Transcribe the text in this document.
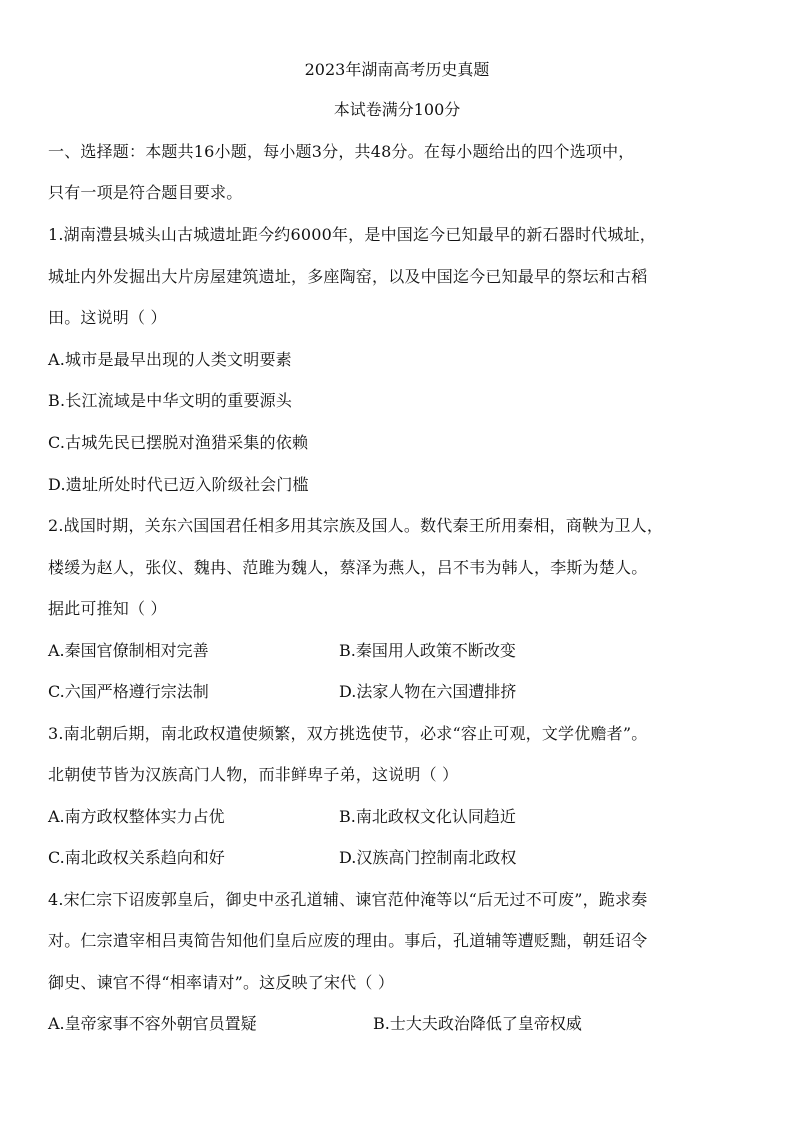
2023年湖南高考历史真题
本试卷满分100分
一、选择题：本题共16小题，每小题3分，共48分。在每小题给出的四个选项中，
只有一项是符合题目要求。
1.湖南澧县城头山古城遗址距今约6000年，是中国迄今已知最早的新石器时代城址，
城址内外发掘出大片房屋建筑遗址，多座陶窑，以及中国迄今已知最早的祭坛和古稻
田。这说明（ ）
A.城市是最早出现的人类文明要素
B.长江流域是中华文明的重要源头
C.古城先民已摆脱对渔猎采集的依赖
D.遗址所处时代已迈入阶级社会门槛
2.战国时期，关东六国国君任相多用其宗族及国人。数代秦王所用秦相，商鞅为卫人，
楼缓为赵人，张仪、魏冉、范雎为魏人，蔡泽为燕人，吕不韦为韩人，李斯为楚人。
据此可推知（ ）
A.秦国官僚制相对完善	B.秦国用人政策不断改变
C.六国严格遵行宗法制	D.法家人物在六国遭排挤
3.南北朝后期，南北政权遣使频繁，双方挑选使节，必求“容止可观，文学优赡者”。
北朝使节皆为汉族高门人物，而非鲜卑子弟，这说明（ ）
A.南方政权整体实力占优	B.南北政权文化认同趋近
C.南北政权关系趋向和好	D.汉族高门控制南北政权
4.宋仁宗下诏废郭皇后，御史中丞孔道辅、谏官范仲淹等以“后无过不可废”，跪求奏
对。仁宗遣宰相吕夷简告知他们皇后应废的理由。事后，孔道辅等遭贬黜，朝廷诏令
御史、谏官不得“相率请对”。这反映了宋代（ ）
A.皇帝家事不容外朝官员置疑	B.士大夫政治降低了皇帝权威
